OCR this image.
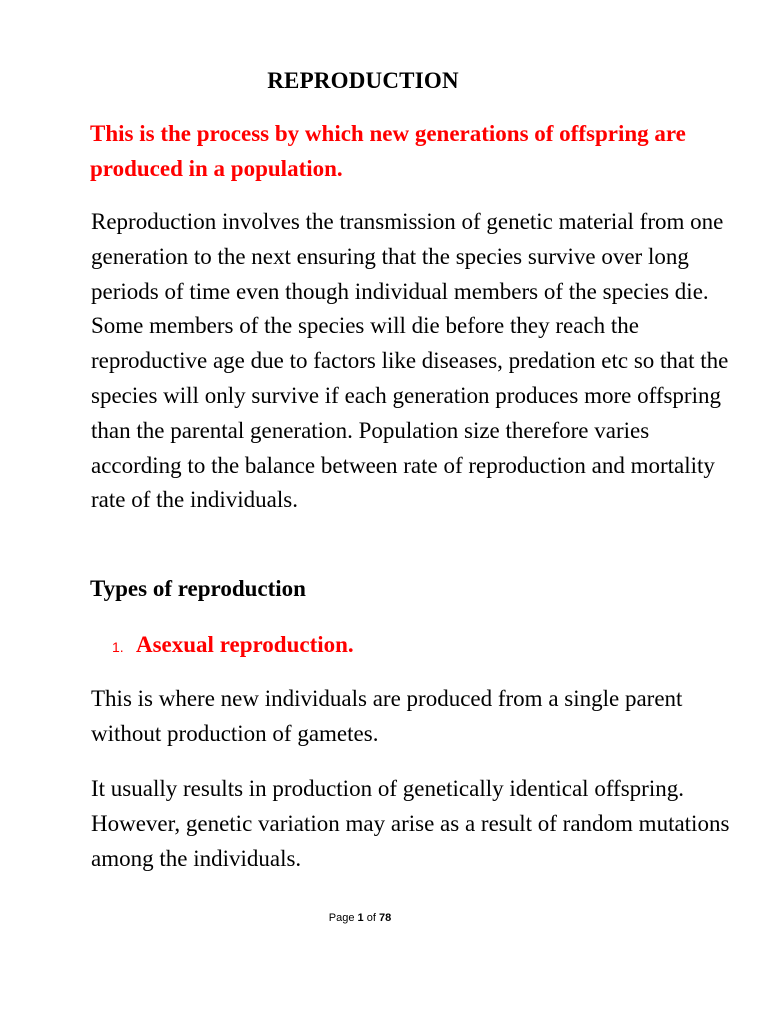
REPRODUCTION
This is the process by which new generations of offspring are produced in a population.

Reproduction involves the transmission of genetic material from one generation to the next ensuring that the species survive over long periods of time even though individual members of the species die. Some members of the species will die before they reach the reproductive age due to factors like diseases, predation etc so that the species will only survive if each generation produces more offspring than the parental generation. Population size therefore varies according to the balance between rate of reproduction and mortality rate of the individuals.

Types of reproduction
1. Asexual reproduction.

This is where new individuals are produced from a single parent without production of gametes.

It usually results in production of genetically identical offspring. However, genetic variation may arise as a result of random mutations among the individuals.

Page 1 of 78
